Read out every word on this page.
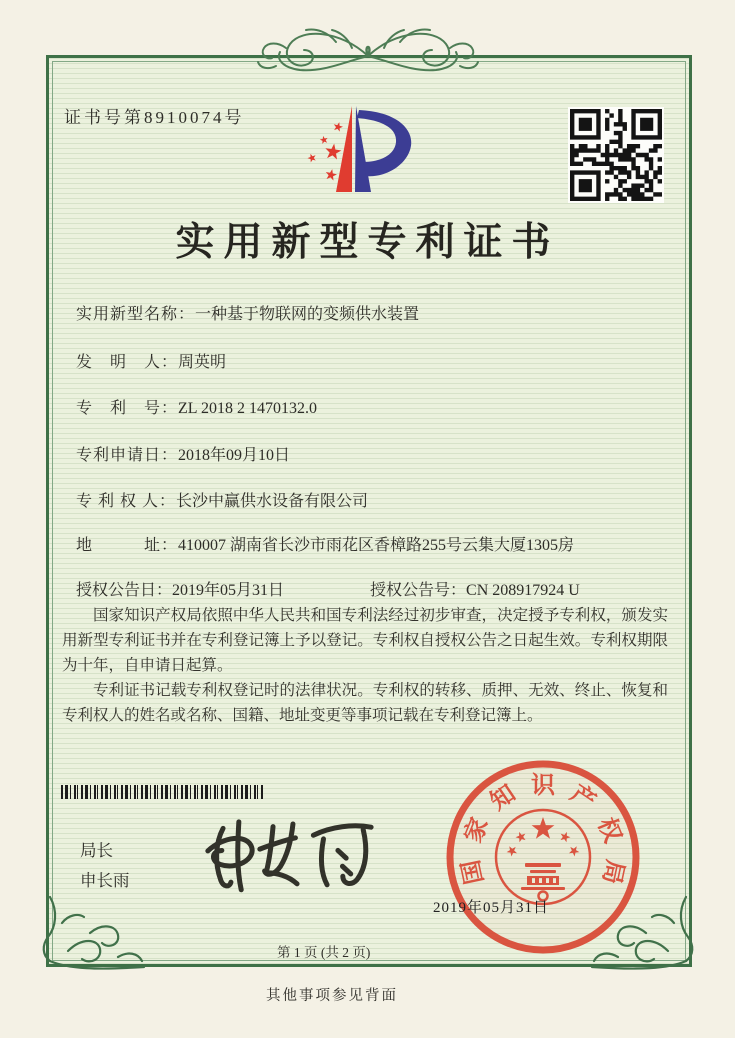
证书号第8910074号
实用新型专利证书
实用新型名称：一种基于物联网的变频供水装置
发　明　人：周英明
专　利　号：ZL 2018 2 1470132.0
专利申请日：2018年09月10日
专 利 权 人：长沙中赢供水设备有限公司
地　　　址：410007 湖南省长沙市雨花区香樟路255号云集大厦1305房
授权公告日：2019年05月31日	授权公告号：CN 208917924 U

国家知识产权局依照中华人民共和国专利法经过初步审查，决定授予专利权，颁发实用新型专利证书并在专利登记簿上予以登记。专利权自授权公告之日起生效。专利权期限为十年，自申请日起算。

专利证书记载专利权登记时的法律状况。专利权的转移、质押、无效、终止、恢复和专利权人的姓名或名称、国籍、地址变更等事项记载在专利登记簿上。

局长
申长雨	国
家
知 识 产
权
局
2019年05月31日
第 1 页 (共 2 页)
其他事项参见背面
